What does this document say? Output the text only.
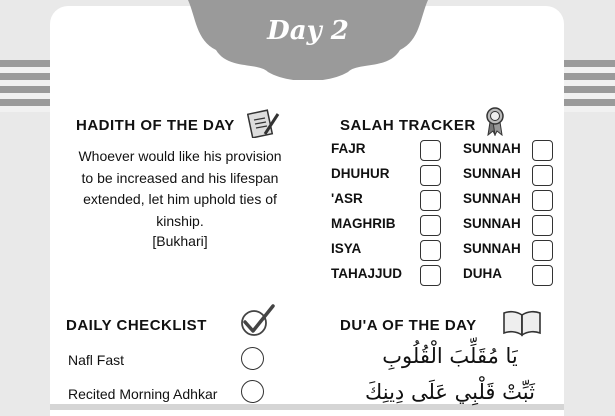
Day 2
HADITH OF THE DAY
Whoever would like his provision
to be increased and his lifespan
extended, let him uphold ties of
kinship.
[Bukhari]
SALAH TRACKER
FAJR
DHUHUR
'ASR
MAGHRIB
ISYA
TAHAJJUD
SUNNAH
SUNNAH
SUNNAH
SUNNAH
SUNNAH
DUHA
DAILY CHECKLIST
Nafl Fast
Recited Morning Adhkar
DU'A OF THE DAY
يَا مُقَلِّبَ الْقُلُوبِ
ثَبِّتْ قَلْبِي عَلَى دِينِكَ
